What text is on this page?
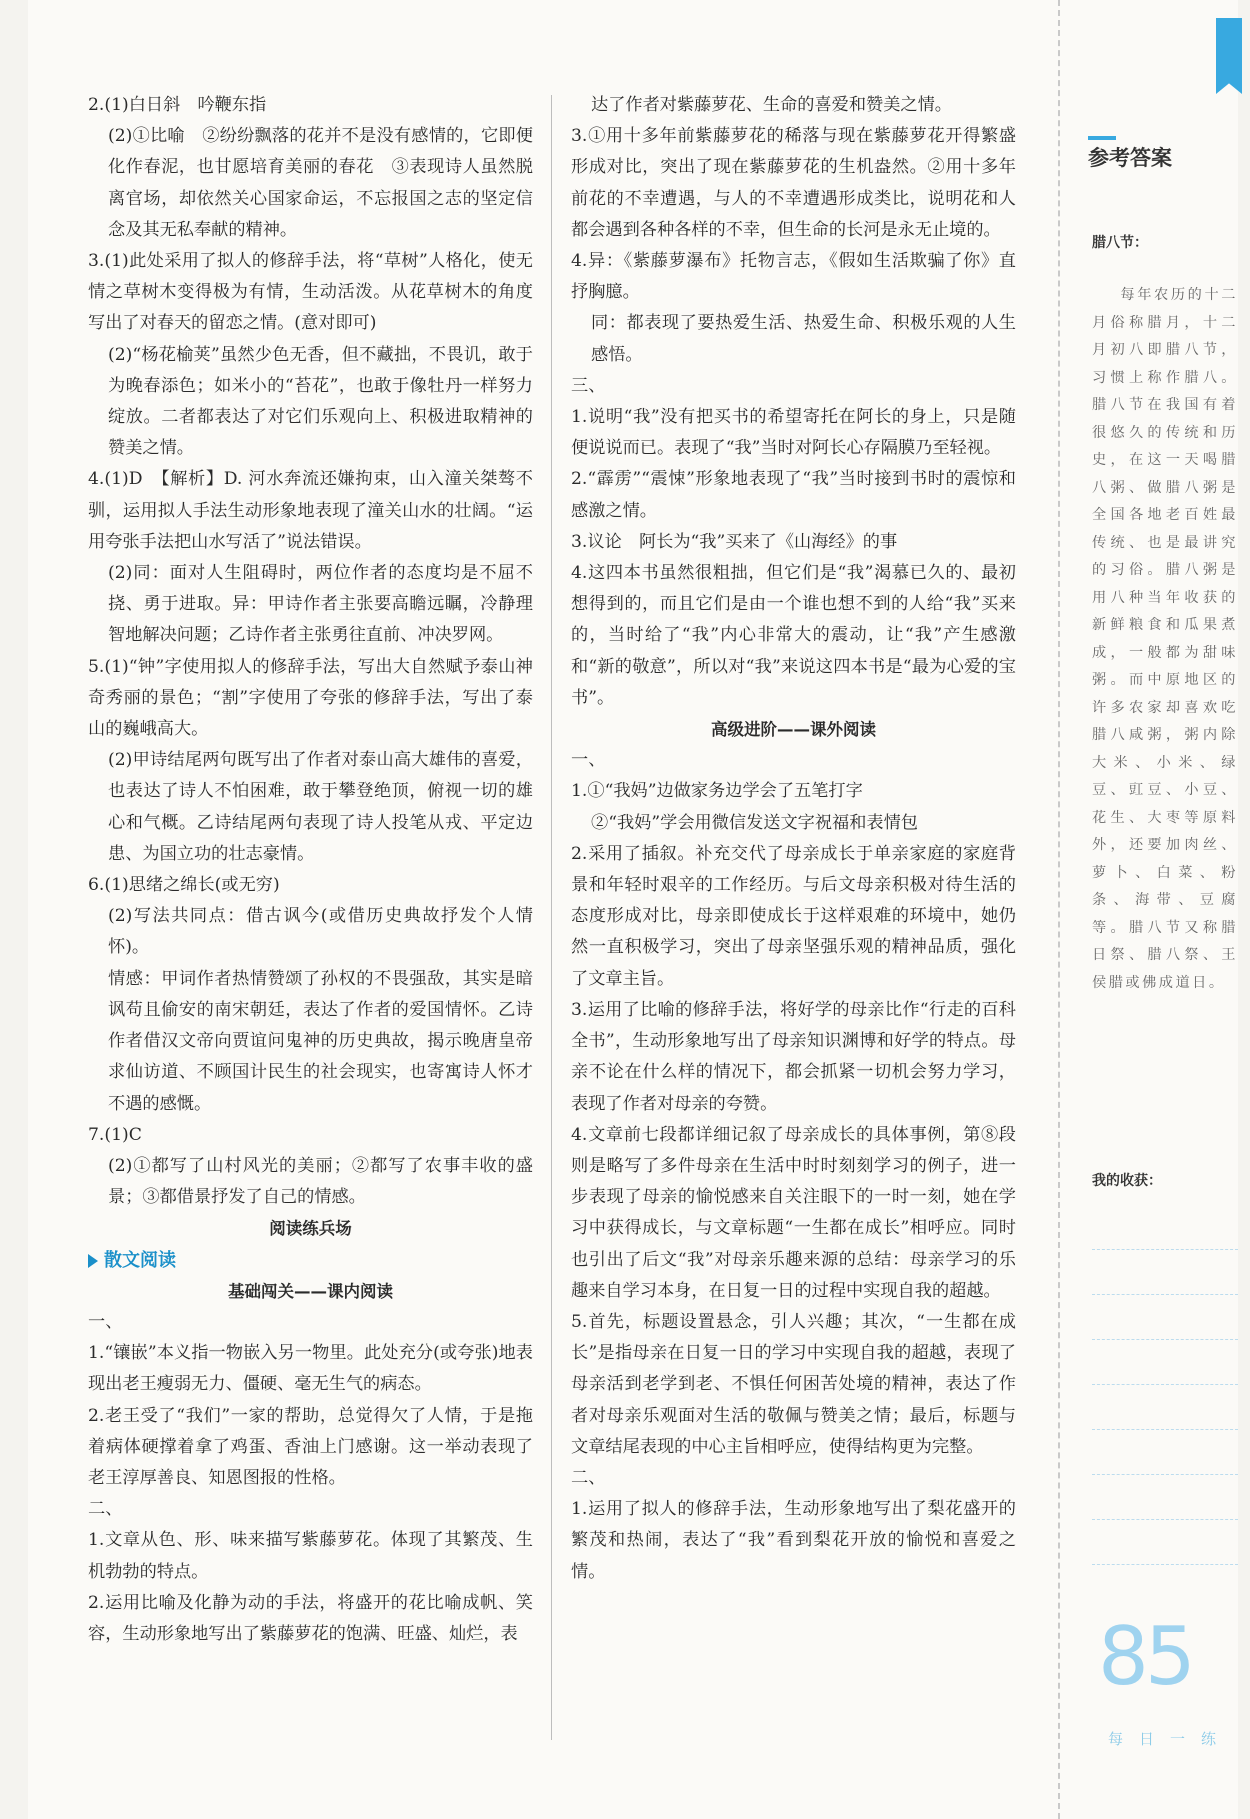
2.(1)白日斜　吟鞭东指

(2)①比喻　②纷纷飘落的花并不是没有感情的，它即便化作春泥，也甘愿培育美丽的春花　③表现诗人虽然脱离官场，却依然关心国家命运，不忘报国之志的坚定信念及其无私奉献的精神。

3.(1)此处采用了拟人的修辞手法，将“草树”人格化，使无情之草树木变得极为有情，生动活泼。从花草树木的角度写出了对春天的留恋之情。(意对即可)

(2)“杨花榆荚”虽然少色无香，但不藏拙，不畏讥，敢于为晚春添色；如米小的“苔花”，也敢于像牡丹一样努力绽放。二者都表达了对它们乐观向上、积极进取精神的赞美之情。

4.(1)D　【解析】D. 河水奔流还嫌拘束，山入潼关桀骜不驯，运用拟人手法生动形象地表现了潼关山水的壮阔。“运用夸张手法把山水写活了”说法错误。

(2)同：面对人生阻碍时，两位作者的态度均是不屈不挠、勇于进取。异：甲诗作者主张要高瞻远瞩，冷静理智地解决问题；乙诗作者主张勇往直前、冲决罗网。

5.(1)“钟”字使用拟人的修辞手法，写出大自然赋予泰山神奇秀丽的景色；“割”字使用了夸张的修辞手法，写出了泰山的巍峨高大。

(2)甲诗结尾两句既写出了作者对泰山高大雄伟的喜爱，也表达了诗人不怕困难，敢于攀登绝顶，俯视一切的雄心和气概。乙诗结尾两句表现了诗人投笔从戎、平定边患、为国立功的壮志豪情。

6.(1)思绪之绵长(或无穷)

(2)写法共同点：借古讽今(或借历史典故抒发个人情怀)。

情感：甲词作者热情赞颂了孙权的不畏强敌，其实是暗讽苟且偷安的南宋朝廷，表达了作者的爱国情怀。乙诗作者借汉文帝向贾谊问鬼神的历史典故，揭示晚唐皇帝求仙访道、不顾国计民生的社会现实，也寄寓诗人怀才不遇的感慨。

7.(1)C

(2)①都写了山村风光的美丽；②都写了农事丰收的盛景；③都借景抒发了自己的情感。

阅读练兵场

散文阅读

基础闯关——课内阅读

一、

1.“镶嵌”本义指一物嵌入另一物里。此处充分(或夸张)地表现出老王瘦弱无力、僵硬、毫无生气的病态。

2.老王受了“我们”一家的帮助，总觉得欠了人情，于是拖着病体硬撑着拿了鸡蛋、香油上门感谢。这一举动表现了老王淳厚善良、知恩图报的性格。

二、

1.文章从色、形、味来描写紫藤萝花。体现了其繁茂、生机勃勃的特点。

2.运用比喻及化静为动的手法，将盛开的花比喻成帆、笑容，生动形象地写出了紫藤萝花的饱满、旺盛、灿烂，表

达了作者对紫藤萝花、生命的喜爱和赞美之情。

3.①用十多年前紫藤萝花的稀落与现在紫藤萝花开得繁盛形成对比，突出了现在紫藤萝花的生机盎然。②用十多年前花的不幸遭遇，与人的不幸遭遇形成类比，说明花和人都会遇到各种各样的不幸，但生命的长河是永无止境的。

4.异：《紫藤萝瀑布》托物言志，《假如生活欺骗了你》直抒胸臆。

同：都表现了要热爱生活、热爱生命、积极乐观的人生感悟。

三、

1.说明“我”没有把买书的希望寄托在阿长的身上，只是随便说说而已。表现了“我”当时对阿长心存隔膜乃至轻视。

2.“霹雳”“震悚”形象地表现了“我”当时接到书时的震惊和感激之情。

3.议论　阿长为“我”买来了《山海经》的事

4.这四本书虽然很粗拙，但它们是“我”渴慕已久的、最初想得到的，而且它们是由一个谁也想不到的人给“我”买来的，当时给了“我”内心非常大的震动，让“我”产生感激和“新的敬意”，所以对“我”来说这四本书是“最为心爱的宝书”。

高级进阶——课外阅读

一、

1.①“我妈”边做家务边学会了五笔打字

②“我妈”学会用微信发送文字祝福和表情包

2.采用了插叙。补充交代了母亲成长于单亲家庭的家庭背景和年轻时艰辛的工作经历。与后文母亲积极对待生活的态度形成对比，母亲即使成长于这样艰难的环境中，她仍然一直积极学习，突出了母亲坚强乐观的精神品质，强化了文章主旨。

3.运用了比喻的修辞手法，将好学的母亲比作“行走的百科全书”，生动形象地写出了母亲知识渊博和好学的特点。母亲不论在什么样的情况下，都会抓紧一切机会努力学习，表现了作者对母亲的夸赞。

4.文章前七段都详细记叙了母亲成长的具体事例，第⑧段则是略写了多件母亲在生活中时时刻刻学习的例子，进一步表现了母亲的愉悦感来自关注眼下的一时一刻，她在学习中获得成长，与文章标题“一生都在成长”相呼应。同时也引出了后文“我”对母亲乐趣来源的总结：母亲学习的乐趣来自学习本身，在日复一日的过程中实现自我的超越。

5.首先，标题设置悬念，引人兴趣；其次，“一生都在成长”是指母亲在日复一日的学习中实现自我的超越，表现了母亲活到老学到老、不惧任何困苦处境的精神，表达了作者对母亲乐观面对生活的敬佩与赞美之情；最后，标题与文章结尾表现的中心主旨相呼应，使得结构更为完整。

二、

1.运用了拟人的修辞手法，生动形象地写出了梨花盛开的繁茂和热闹，表达了“我”看到梨花开放的愉悦和喜爱之情。

参考答案
腊八节：
每年农历的十二月俗称腊月，十二月初八即腊八节，习惯上称作腊八。腊八节在我国有着很悠久的传统和历史，在这一天喝腊八粥、做腊八粥是全国各地老百姓最传统、也是最讲究的习俗。腊八粥是用八种当年收获的新鲜粮食和瓜果煮成，一般都为甜味粥。而中原地区的许多农家却喜欢吃腊八咸粥，粥内除大米、小米、绿豆、豇豆、小豆、花生、大枣等原料外，还要加肉丝、萝卜、白菜、粉条、海带、豆腐等。腊八节又称腊日祭、腊八祭、王侯腊或佛成道日。
我的收获：
85
每日一练
